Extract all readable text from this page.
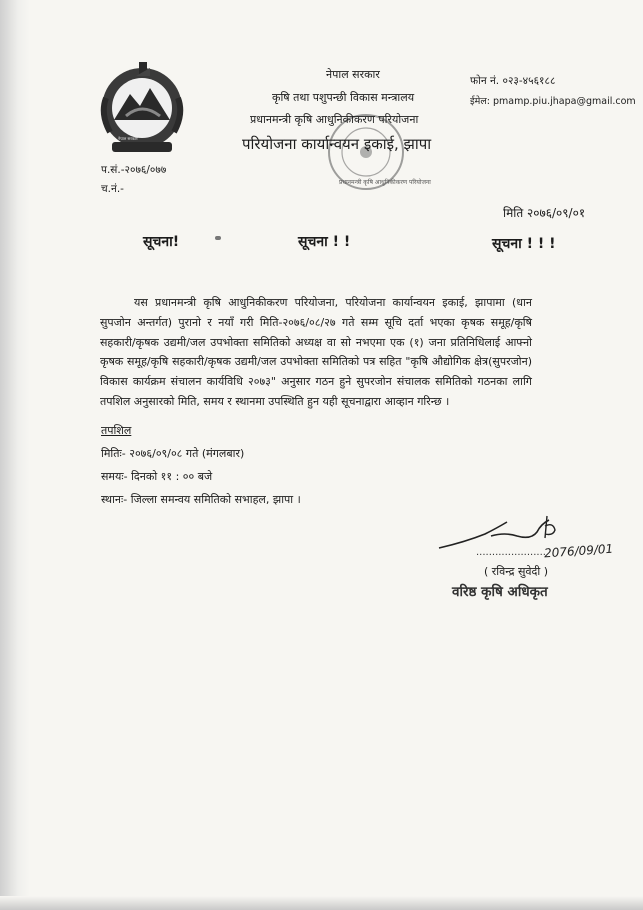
नेपाल सरकार
प्रधानमन्त्री कृषि आधुनिकीकरण परियोजना
नेपाल सरकार
कृषि तथा पशुपन्छी विकास मन्त्रालय
प्रधानमन्त्री कृषि आधुनिकीकरण परियोजना
परियोजना कार्यान्वयन इकाई, झापा
फोन नं. ०२३-४५६१८८
ईमेल: pmamp.piu.jhapa@gmail.com
प.सं.-२०७६/०७७
च.नं.-
मिति २०७६/०९/०१
सूचना!	सूचना ! !	सूचना ! ! !

यस प्रधानमन्त्री कृषि आधुनिकीकरण परियोजना, परियोजना कार्यान्वयन इकाई, झापामा (धान सुपजोन अन्तर्गत) पुरानो र नयाँ गरी मिति-२०७६/०८/२७ गते सम्म सूचि दर्ता भएका कृषक समूह/कृषि सहकारी/कृषक उद्यमी/जल उपभोक्ता समितिको अध्यक्ष वा सो नभएमा एक (१) जना प्रतिनिधिलाई आफ्नो कृषक समूह/कृषि सहकारी/कृषक उद्यमी/जल उपभोक्ता समितिको पत्र सहित "कृषि औद्योगिक क्षेत्र(सुपरजोन) विकास कार्यक्रम संचालन कार्यविधि २०७३" अनुसार गठन हुने सुपरजोन संचालक समितिको गठनका लागि तपशिल अनुसारको मिति, समय र स्थानमा उपस्थिति हुन यही सूचनाद्वारा आव्हान गरिन्छ ।

तपशिल
मितिः- २०७६/०९/०८ गते (मंगलबार)
समयः- दिनको ११ : ०० बजे
स्थानः- जिल्ला समन्वय समितिको सभाहल, झापा ।
......................
2076/09/01
( रविन्द्र सुवेदी )
वरिष्ठ कृषि अधिकृत
